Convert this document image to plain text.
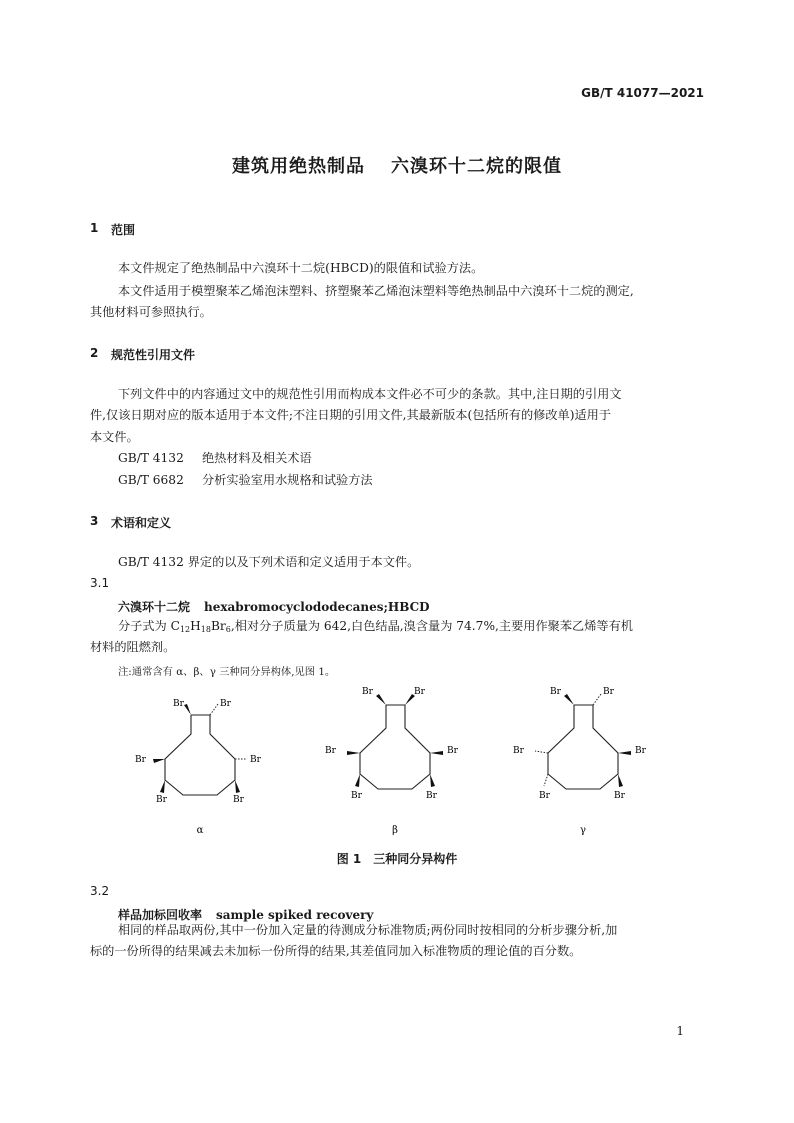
GB/T 41077—2021
建筑用绝热制品 六溴环十二烷的限值
1 范围
本文件规定了绝热制品中六溴环十二烷(HBCD)的限值和试验方法。
本文件适用于模塑聚苯乙烯泡沫塑料、挤塑聚苯乙烯泡沫塑料等绝热制品中六溴环十二烷的测定,
其他材料可参照执行。
2 规范性引用文件
下列文件中的内容通过文中的规范性引用而构成本文件必不可少的条款。其中,注日期的引用文
件,仅该日期对应的版本适用于本文件;不注日期的引用文件,其最新版本(包括所有的修改单)适用于
本文件。
GB/T 4132 绝热材料及相关术语
GB/T 6682 分析实验室用水规格和试验方法
3 术语和定义
GB/T 4132 界定的以及下列术语和定义适用于本文件。
3.1
六溴环十二烷 hexabromocyclododecanes;HBCD
分子式为 $C_{12}H_{18}Br_6$,相对分子质量为 642,白色结晶,溴含量为 74.7%,主要用作聚苯乙烯等有机
材料的阻燃剂。
注:通常含有 α、β、γ 三种同分异构体,见图 1。
Br	Br
Br	Br
Br	Br
α
Br	Br
Br	Br
Br	Br
β
Br	Br
Br	Br
Br	Br
γ
图 1　三种同分异构件
3.2
样品加标回收率 sample spiked recovery
相同的样品取两份,其中一份加入定量的待测成分标准物质;两份同时按相同的分析步骤分析,加
标的一份所得的结果减去未加标一份所得的结果,其差值同加入标准物质的理论值的百分数。
1
